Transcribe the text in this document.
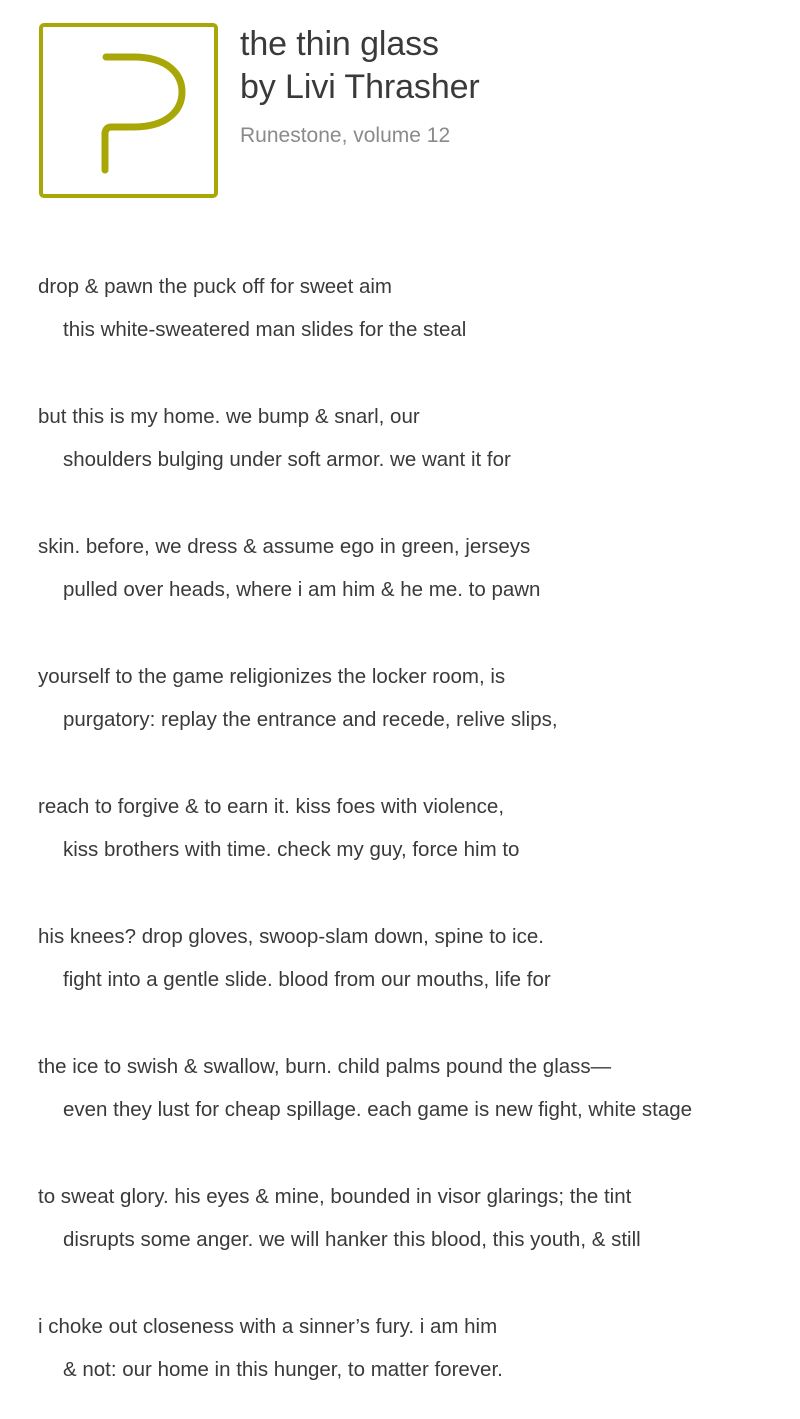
the thin glass
by Livi Thrasher
Runestone, volume 12
drop & pawn the puck off for sweet aim
this white-sweatered man slides for the steal
but this is my home. we bump & snarl, our
shoulders bulging under soft armor. we want it for
skin. before, we dress & assume ego in green, jerseys
pulled over heads, where i am him & he me. to pawn
yourself to the game religionizes the locker room, is
purgatory: replay the entrance and recede, relive slips,
reach to forgive & to earn it. kiss foes with violence,
kiss brothers with time. check my guy, force him to
his knees? drop gloves, swoop-slam down, spine to ice.
fight into a gentle slide. blood from our mouths, life for
the ice to swish & swallow, burn. child palms pound the glass—
even they lust for cheap spillage. each game is new fight, white stage
to sweat glory. his eyes & mine, bounded in visor glarings; the tint
disrupts some anger. we will hanker this blood, this youth, & still
i choke out closeness with a sinner’s fury. i am him
& not: our home in this hunger, to matter forever.
